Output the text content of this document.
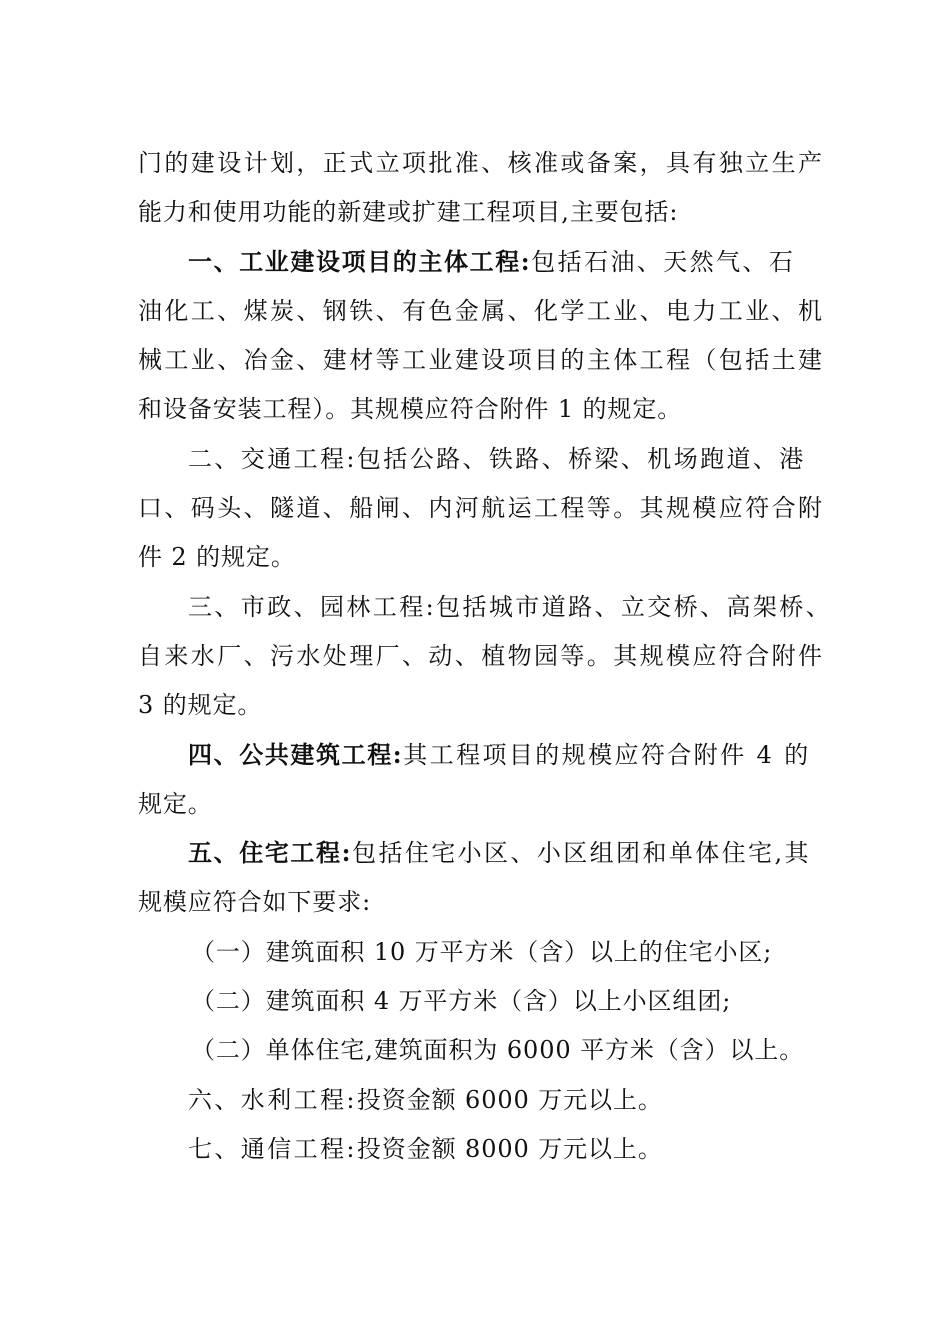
门的建设计划，正式立项批准、核准或备案，具有独立生产
能力和使用功能的新建或扩建工程项目,主要包括:
一、工业建设项目的主体工程:包括石油、天然气、石
油化工、煤炭、钢铁、有色金属、化学工业、电力工业、机
械工业、冶金、建材等工业建设项目的主体工程（包括土建
和设备安装工程）。其规模应符合附件 1 的规定。
二、交通工程:包括公路、铁路、桥梁、机场跑道、港
口、码头、隧道、船闸、内河航运工程等。其规模应符合附
件 2 的规定。
三、市政、园林工程:包括城市道路、立交桥、高架桥、
自来水厂、污水处理厂、动、植物园等。其规模应符合附件
3 的规定。
四、公共建筑工程:其工程项目的规模应符合附件 4 的
规定。
五、住宅工程:包括住宅小区、小区组团和单体住宅,其
规模应符合如下要求:
（一）建筑面积 10 万平方米（含）以上的住宅小区;
（二）建筑面积 4 万平方米（含）以上小区组团;
（二）单体住宅,建筑面积为 6000 平方米（含）以上。
六、水利工程:投资金额 6000 万元以上。
七、通信工程:投资金额 8000 万元以上。
